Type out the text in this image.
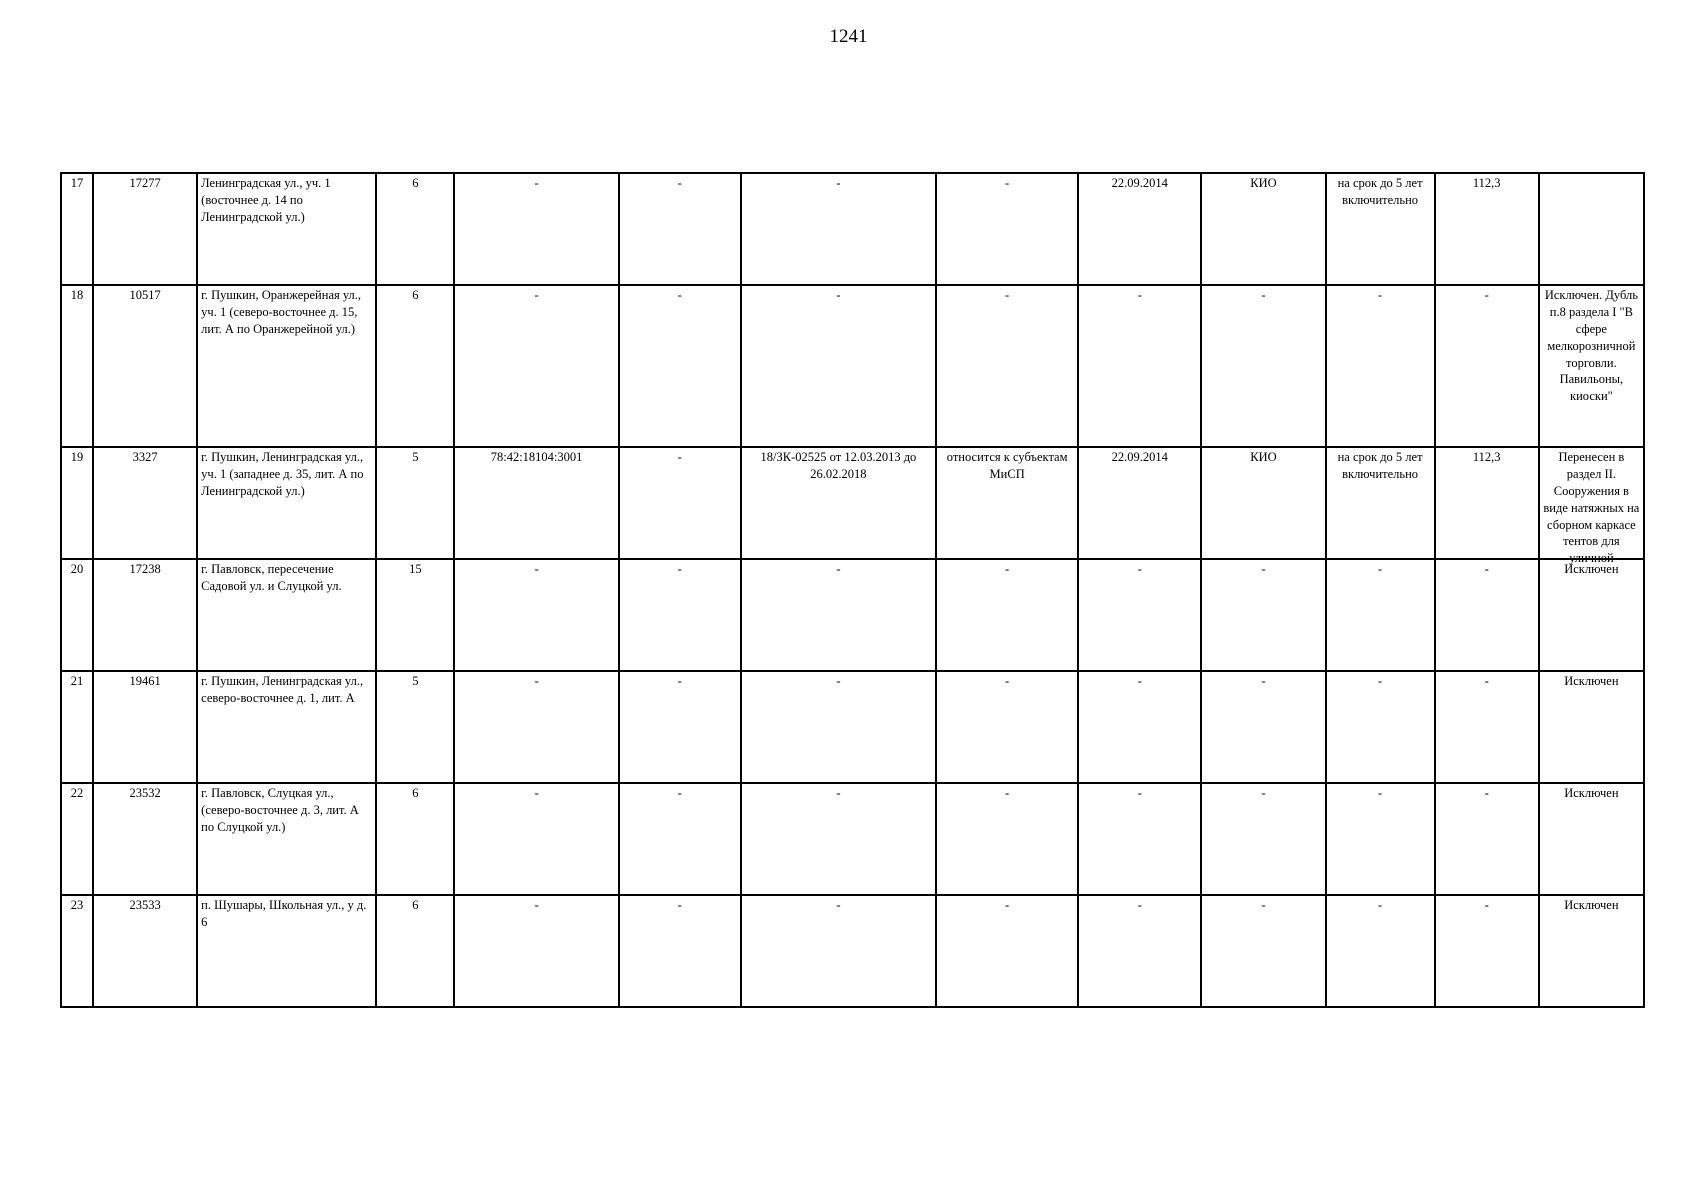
1241
17	17277	Ленинградская ул., уч. 1 (восточнее д. 14 по Ленинградской ул.)	6	-	-	-	-	22.09.2014	КИО	на срок до 5 лет включительно	112,3	
18	10517	г. Пушкин, Оранжерейная ул., уч. 1 (северо-восточнее д. 15, лит. А по Оранжерейной ул.)	6	-	-	-	-	-	-	-	-	Исключен. Дубль п.8 раздела I "В сфере мелкорозничной торговли. Павильоны, киоски"
19	3327	г. Пушкин, Ленинградская ул., уч. 1 (западнее д. 35, лит. А по Ленинградской ул.)	5	78:42:18104:3001	-	18/ЗК-02525 от 12.03.2013 до 26.02.2018	относится к субъектам МиСП	22.09.2014	КИО	на срок до 5 лет включительно	112,3	Перенесен в раздел II. Сооружения в виде натяжных на сборном каркасе тентов для уличной

20	17238	г. Павловск, пересечение Садовой ул. и Слуцкой ул.	15	-	-	-	-	-	-	-	-	Исключен
21	19461	г. Пушкин, Ленинградская ул., северо-восточнее д. 1, лит. А	5	-	-	-	-	-	-	-	-	Исключен
22	23532	г. Павловск, Слуцкая ул., (северо-восточнее д. 3, лит. А по Слуцкой ул.)	6	-	-	-	-	-	-	-	-	Исключен
23	23533	п. Шушары, Школьная ул., у д. 6	6	-	-	-	-	-	-	-	-	Исключен
